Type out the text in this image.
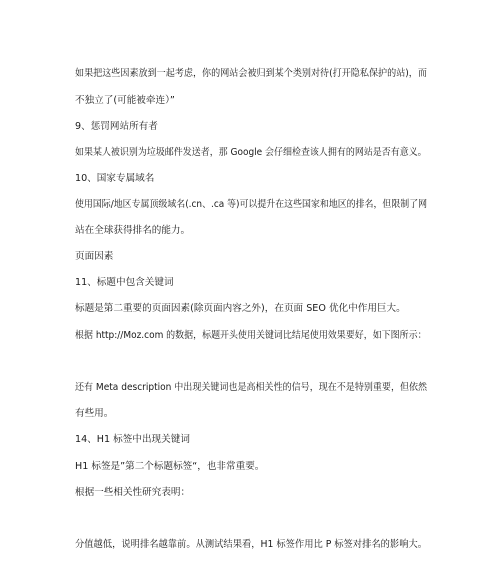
如果把这些因素放到一起考虑，你的网站会被归到某个类别对待(打开隐私保护的站)，而
不独立了(可能被牵连）”
9、惩罚网站所有者
如果某人被识别为垃圾邮件发送者，那 Google 会仔细检查该人拥有的网站是否有意义。
10、国家专属域名
使用国际/地区专属顶级域名(.cn、.ca 等)可以提升在这些国家和地区的排名，但限制了网
站在全球获得排名的能力。
页面因素
11、标题中包含关键词
标题是第二重要的页面因素(除页面内容之外)，在页面 SEO 优化中作用巨大。
根据 http://Moz.com 的数据，标题开头使用关键词比结尾使用效果要好，如下图所示：
还有 Meta description 中出现关键词也是高相关性的信号，现在不是特别重要，但依然
有些用。
14、H1 标签中出现关键词
H1 标签是”第二个标题标签“，也非常重要。
根据一些相关性研究表明：
分值越低，说明排名越靠前。从测试结果看，H1 标签作用比 P 标签对排名的影响大。
